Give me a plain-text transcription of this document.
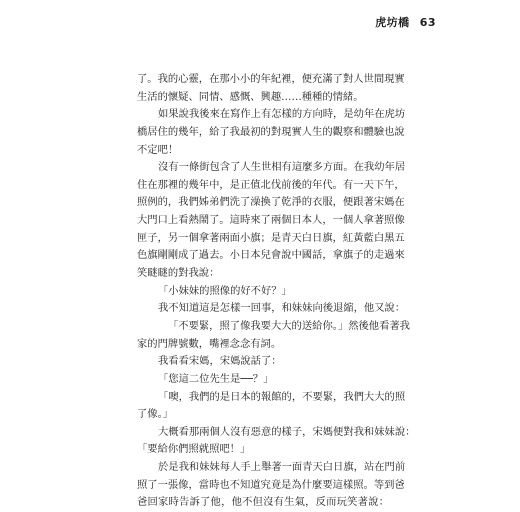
虎坊橋 63
了。我的心靈，在那小小的年紀裡，便充滿了對人世間現實
生活的懷疑、同情、感慨、興趣……種種的情緒。
如果說我後來在寫作上有怎樣的方向時，是幼年在虎坊
橋居住的幾年，給了我最初的對現實人生的觀察和體驗也說
不定吧！
沒有一條街包含了人生世相有這麼多方面。在我幼年居
住在那裡的幾年中，是正值北伐前後的年代。有一天下午，
照例的，我們姊弟們洗了澡換了乾淨的衣服，便跟著宋媽在
大門口上看熱鬧了。這時來了兩個日本人，一個人拿著照像
匣子，另一個拿著兩面小旗；是青天白日旗，紅黃藍白黑五
色旗剛剛成了過去。小日本兒會說中國話，拿旗子的走過來
笑瞇瞇的對我說：
「小妹妹的照像的好不好？」
我不知道這是怎樣一回事，和妹妹向後退縮，他又說：
「不要緊，照了像我要大大的送給你。」然後他看著我
家的門牌號數，嘴裡念念有詞。
我看看宋媽，宋媽說話了：
「您這二位先生是──？」
「噢，我們的是日本的報館的，不要緊，我們大大的照
了像。」
大概看那兩個人沒有惡意的樣子，宋媽便對我和妹妹說：
「要給你們照就照吧！」
於是我和妹妹每人手上舉著一面青天白日旗，站在門前
照了一張像，當時也不知道究竟是為什麼要這樣照。等到爸
爸回家時告訴了他，他不但沒有生氣，反而玩笑著說：
